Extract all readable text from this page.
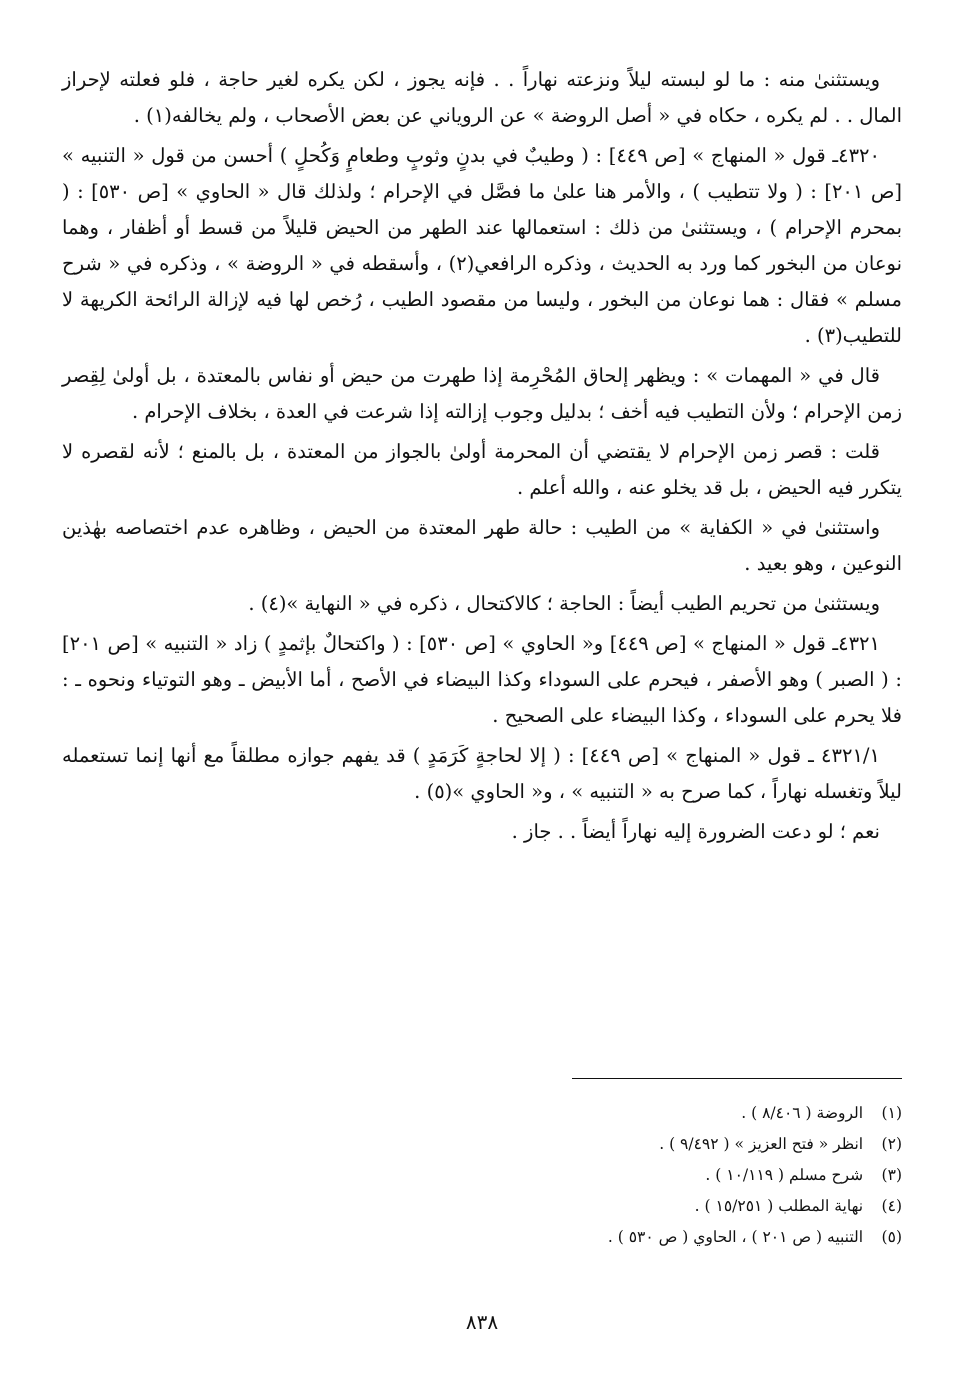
ويستثنىٰ منه : ما لو لبسته ليلاً ونزعته نهاراً . . فإنه يجوز ، لكن يكره لغير حاجة ، فلو فعلته لإحراز المال . . لم يكره ، حكاه في « أصل الروضة » عن الروياني عن بعض الأصحاب ، ولم يخالفه(١) .

٤٣٢٠ـ قول « المنهاج » [ص ٤٤٩] : ( وطيبٌ في بدنٍ وثوبٍ وطعامٍ وَكُحلٍ ) أحسن من قول « التنبيه » [ص ٢٠١] : ( ولا تتطيب ) ، والأمر هنا علىٰ ما فصَّل في الإحرام ؛ ولذلك قال « الحاوي » [ص ٥٣٠] : ( بمحرم الإحرام ) ، ويستثنىٰ من ذلك : استعمالها عند الطهر من الحيض قليلاً من قسط أو أظفار ، وهما نوعان من البخور كما ورد به الحديث ، وذكره الرافعي(٢) ، وأسقطه في « الروضة » ، وذكره في « شرح مسلم » فقال : هما نوعان من البخور ، وليسا من مقصود الطيب ، رُخص لها فيه لإزالة الرائحة الكريهة لا للتطيب(٣) .

قال في « المهمات » : ويظهر إلحاق المُحْرِمة إذا طهرت من حيض أو نفاس بالمعتدة ، بل أولىٰ لِقِصر زمن الإحرام ؛ ولأن التطيب فيه أخف ؛ بدليل وجوب إزالته إذا شرعت في العدة ، بخلاف الإحرام .

قلت : قصر زمن الإحرام لا يقتضي أن المحرمة أولىٰ بالجواز من المعتدة ، بل بالمنع ؛ لأنه لقصره لا يتكرر فيه الحيض ، بل قد يخلو عنه ، والله أعلم .

واستثنىٰ في « الكفاية » من الطيب : حالة طهر المعتدة من الحيض ، وظاهره عدم اختصاصه بهٰذين النوعين ، وهو بعيد .

ويستثنىٰ من تحريم الطيب أيضاً : الحاجة ؛ كالاكتحال ، ذكره في « النهاية »(٤) .

٤٣٢١ـ قول « المنهاج » [ص ٤٤٩] و« الحاوي » [ص ٥٣٠] : ( واكتحالٌ بإثمدٍ ) زاد « التنبيه » [ص ٢٠١] : ( الصبر ) وهو الأصفر ، فيحرم على السوداء وكذا البيضاء في الأصح ، أما الأبيض ـ وهو التوتياء ونحوه ـ : فلا يحرم على السوداء ، وكذا البيضاء على الصحيح .

٤٣٢١/١ ـ قول « المنهاج » [ص ٤٤٩] : ( إلا لحاجةٍ كَرَمَدٍ ) قد يفهم جوازه مطلقاً مع أنها إنما تستعمله ليلاً وتغسله نهاراً ، كما صرح به « التنبيه » ، و« الحاوي »(٥) .

نعم ؛ لو دعت الضرورة إليه نهاراً أيضاً . . جاز .

(١) الروضة ( ٨/٤٠٦ ) .
(٢) انظر « فتح العزيز » ( ٩/٤٩٢ ) .
(٣) شرح مسلم ( ١٠/١١٩ ) .
(٤) نهاية المطلب ( ١٥/٢٥١ ) .
(٥) التنبيه ( ص ٢٠١ ) ، الحاوي ( ص ٥٣٠ ) .
٨٣٨
